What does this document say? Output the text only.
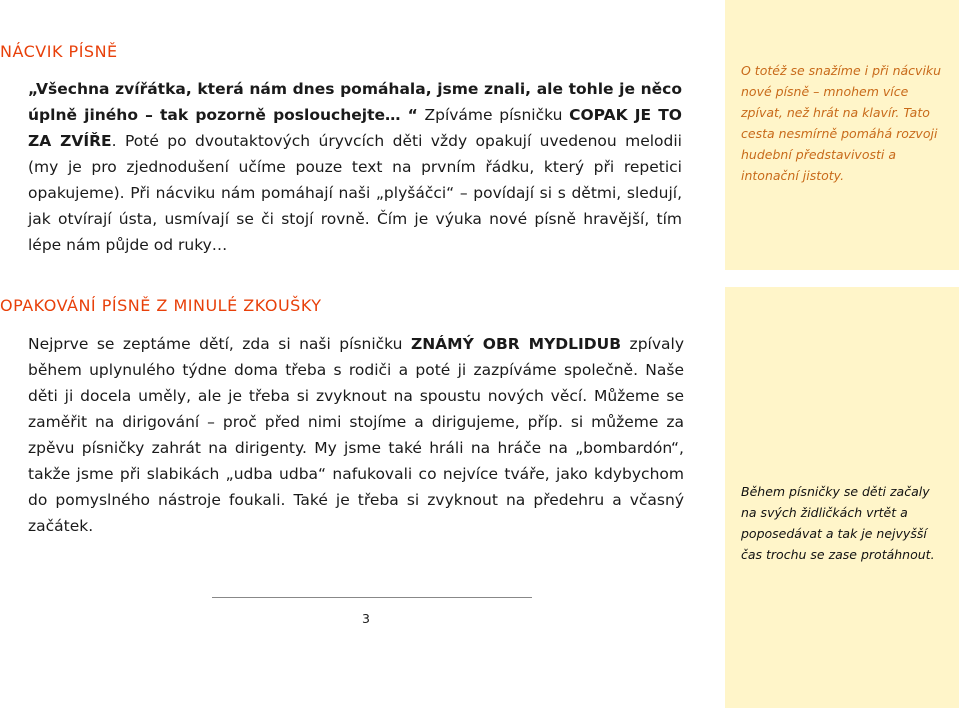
NÁCVIK PÍSNĚ
„Všechna zvířátka, která nám dnes pomáhala, jsme znali, ale tohle je něco úplně jiného – tak pozorně poslouchejte… “ Zpíváme písničku COPAK JE TO ZA ZVÍŘE. Poté po dvoutaktových úryvcích děti vždy opakují uvedenou melodii (my je pro zjednodušení učíme pouze text na prvním řádku, který při repetici opakujeme). Při nácviku nám pomáhají naši „plyšáčci“ – povídají si s dětmi, sledují, jak otvírají ústa, usmívají se či stojí rovně. Čím je výuka nové písně hravější, tím lépe nám půjde od ruky…
OPAKOVÁNÍ PÍSNĚ Z MINULÉ ZKOUŠKY
Nejprve se zeptáme dětí, zda si naši písničku ZNÁMÝ OBR MYDLIDUB zpívaly během uplynulého týdne doma třeba s rodiči a poté ji zazpíváme společně. Naše děti ji docela uměly, ale je třeba si zvyknout na spoustu nových věcí. Můžeme se zaměřit na dirigování – proč před nimi stojíme a dirigujeme, příp. si můžeme za zpěvu písničky zahrát na dirigenty. My jsme také hráli na hráče na „bombardón“, takže jsme při slabikách „udba udba“ nafukovali co nejvíce tváře, jako kdybychom do pomyslného nástroje foukali. Také je třeba si zvyknout na předehru a včasný začátek.
O totéž se snažíme i při nácviku nové písně – mnohem více zpívat, než hrát na klavír. Tato cesta nesmírně pomáhá rozvoji hudební představivosti a intonační jistoty.
Během písničky se děti začaly na svých židličkách vrtět a poposedávat a tak je nejvyšší čas trochu se zase protáhnout.
3
